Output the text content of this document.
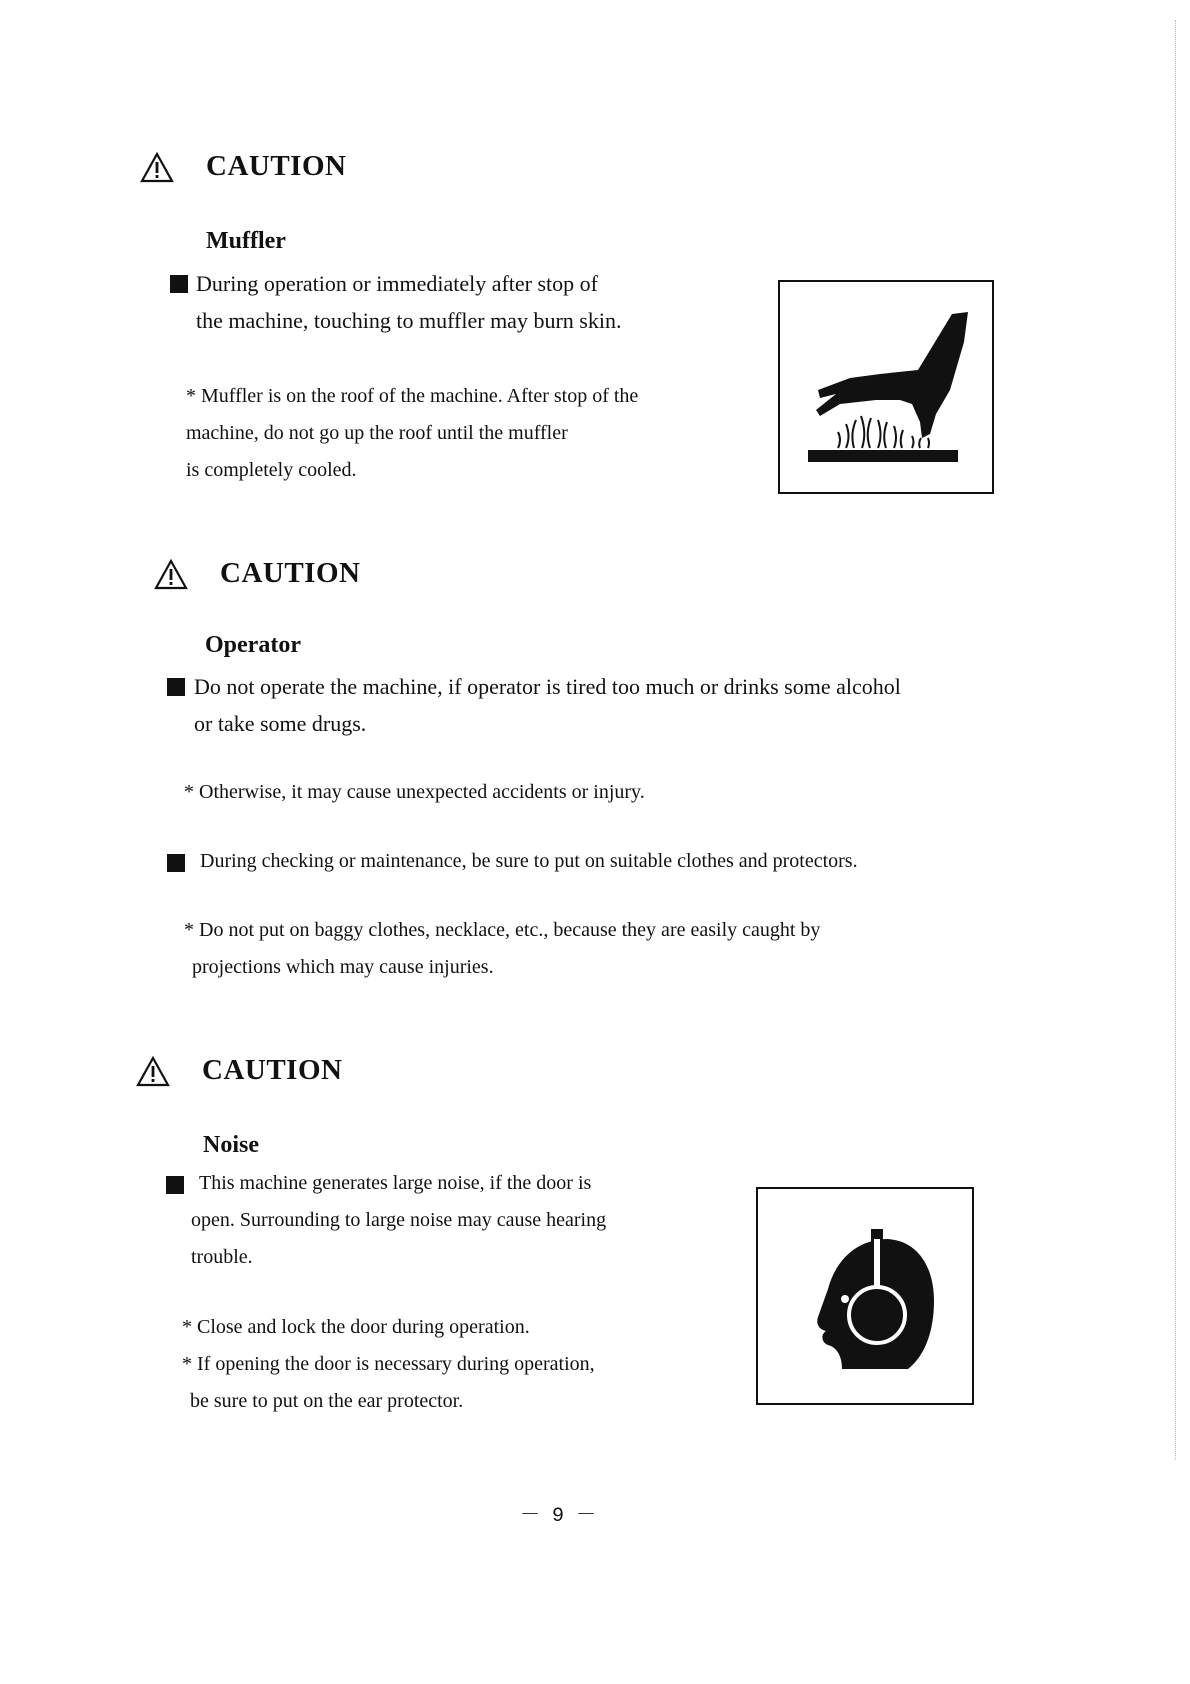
CAUTION
Muffler
During operation or immediately after stop of
the machine, touching to muffler may burn skin.
* Muffler is on the roof of the machine. After stop of the
machine, do not go up the roof until the muffler
is completely cooled.
CAUTION
Operator
Do not operate the machine, if operator is tired too much or drinks some alcohol
or take some drugs.
* Otherwise, it may cause unexpected accidents or injury.
During checking or maintenance, be sure to put on suitable clothes and protectors.
* Do not put on baggy clothes, necklace, etc., because they are easily caught by
projections which may cause injuries.
CAUTION
Noise
This machine generates large noise, if the door is
open. Surrounding to large noise may cause hearing
trouble.
* Close and lock the door during operation.
* If opening the door is necessary during operation,
be sure to put on the ear protector.
－ 9 －
